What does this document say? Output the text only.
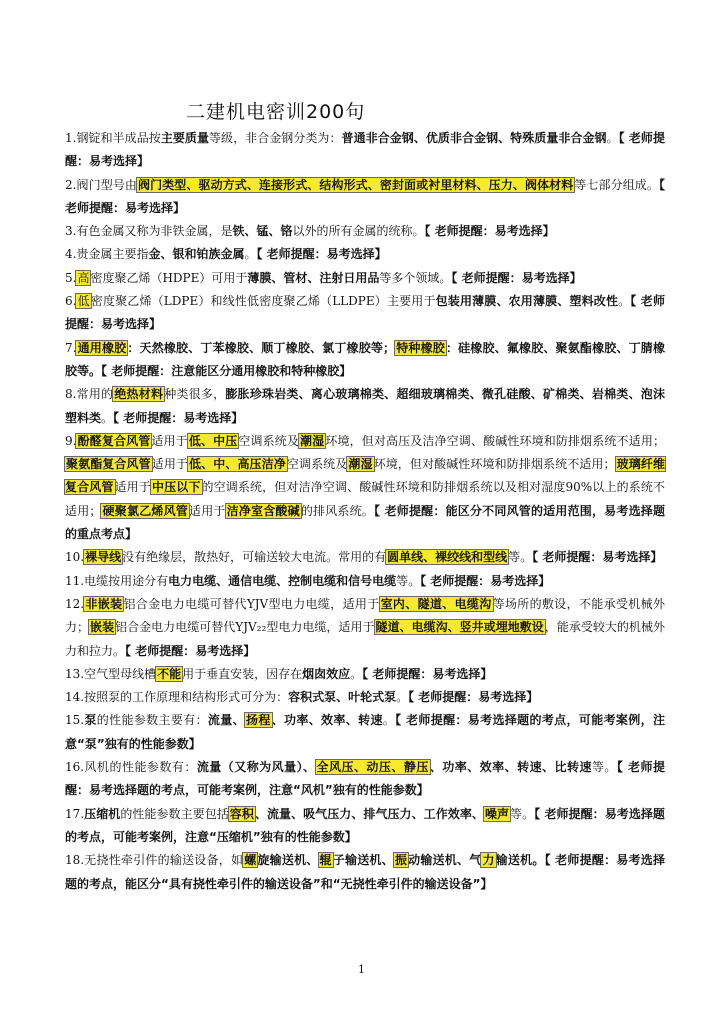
二建机电密训200句

1.钢锭和半成品按主要质量等级，非合金钢分类为：普通非合金钢、优质非合金钢、特殊质量非合金钢。【 老师提醒：易考选择】

2.阀门型号由阀门类型、驱动方式、连接形式、结构形式、密封面或衬里材料、压力、阀体材料等七部分组成。【 老师提醒：易考选择】

3.有色金属又称为非铁金属，是铁、锰、铬以外的所有金属的统称。【 老师提醒：易考选择】

4.贵金属主要指金、银和铂族金属。【 老师提醒：易考选择】

5.高密度聚乙烯（HDPE）可用于薄膜、管材、注射日用品等多个领域。【 老师提醒：易考选择】

6.低密度聚乙烯（LDPE）和线性低密度聚乙烯（LLDPE）主要用于包装用薄膜、农用薄膜、塑料改性。【 老师提醒：易考选择】

7.通用橡胶：天然橡胶、丁苯橡胶、顺丁橡胶、氯丁橡胶等；特种橡胶：硅橡胶、氟橡胶、聚氨酯橡胶、丁腈橡胶等。【 老师提醒：注意能区分通用橡胶和特种橡胶】

8.常用的绝热材料种类很多，膨胀珍珠岩类、离心玻璃棉类、超细玻璃棉类、微孔硅酸、矿棉类、岩棉类、泡沫塑料类。【 老师提醒：易考选择】

9.酚醛复合风管适用于低、中压空调系统及潮湿环境，但对高压及洁净空调、酸碱性环境和防排烟系统不适用；聚氨酯复合风管适用于低、中、高压洁净空调系统及潮湿环境，但对酸碱性环境和防排烟系统不适用；玻璃纤维复合风管适用于中压以下的空调系统，但对洁净空调、酸碱性环境和防排烟系统以及相对湿度90%以上的系统不适用；硬聚氯乙烯风管适用于洁净室含酸碱的排风系统。【 老师提醒：能区分不同风管的适用范围，易考选择题的重点考点】

10.裸导线没有绝缘层，散热好，可输送较大电流。常用的有圆单线、裸绞线和型线等。【 老师提醒：易考选择】

11.电缆按用途分有电力电缆、通信电缆、控制电缆和信号电缆等。【 老师提醒：易考选择】

12.非嵌装铝合金电力电缆可替代YJV型电力电缆，适用于室内、隧道、电缆沟等场所的敷设，不能承受机械外力；嵌装铝合金电力电缆可替代YJV₂₂型电力电缆，适用于隧道、电缆沟、竖井或埋地敷设，能承受较大的机械外力和拉力。【 老师提醒：易考选择】

13.空气型母线槽不能用于垂直安装，因存在烟囱效应。【 老师提醒：易考选择】

14.按照泵的工作原理和结构形式可分为：容积式泵、叶轮式泵。【 老师提醒：易考选择】

15.泵的性能参数主要有：流量、扬程、功率、效率、转速。【 老师提醒：易考选择题的考点，可能考案例，注意“泵”独有的性能参数】

16.风机的性能参数有：流量（又称为风量）、全风压、动压、静压、功率、效率、转速、比转速等。【 老师提醒：易考选择题的考点，可能考案例，注意“风机”独有的性能参数】

17.压缩机的性能参数主要包括容积、流量、吸气压力、排气压力、工作效率、噪声等。【 老师提醒：易考选择题的考点，可能考案例，注意“压缩机”独有的性能参数】

18.无挠性牵引件的输送设备，如螺旋输送机、辊子输送机、振动输送机、气力输送机。【 老师提醒：易考选择题的考点，能区分“具有挠性牵引件的输送设备”和“无挠性牵引件的输送设备”】

1
